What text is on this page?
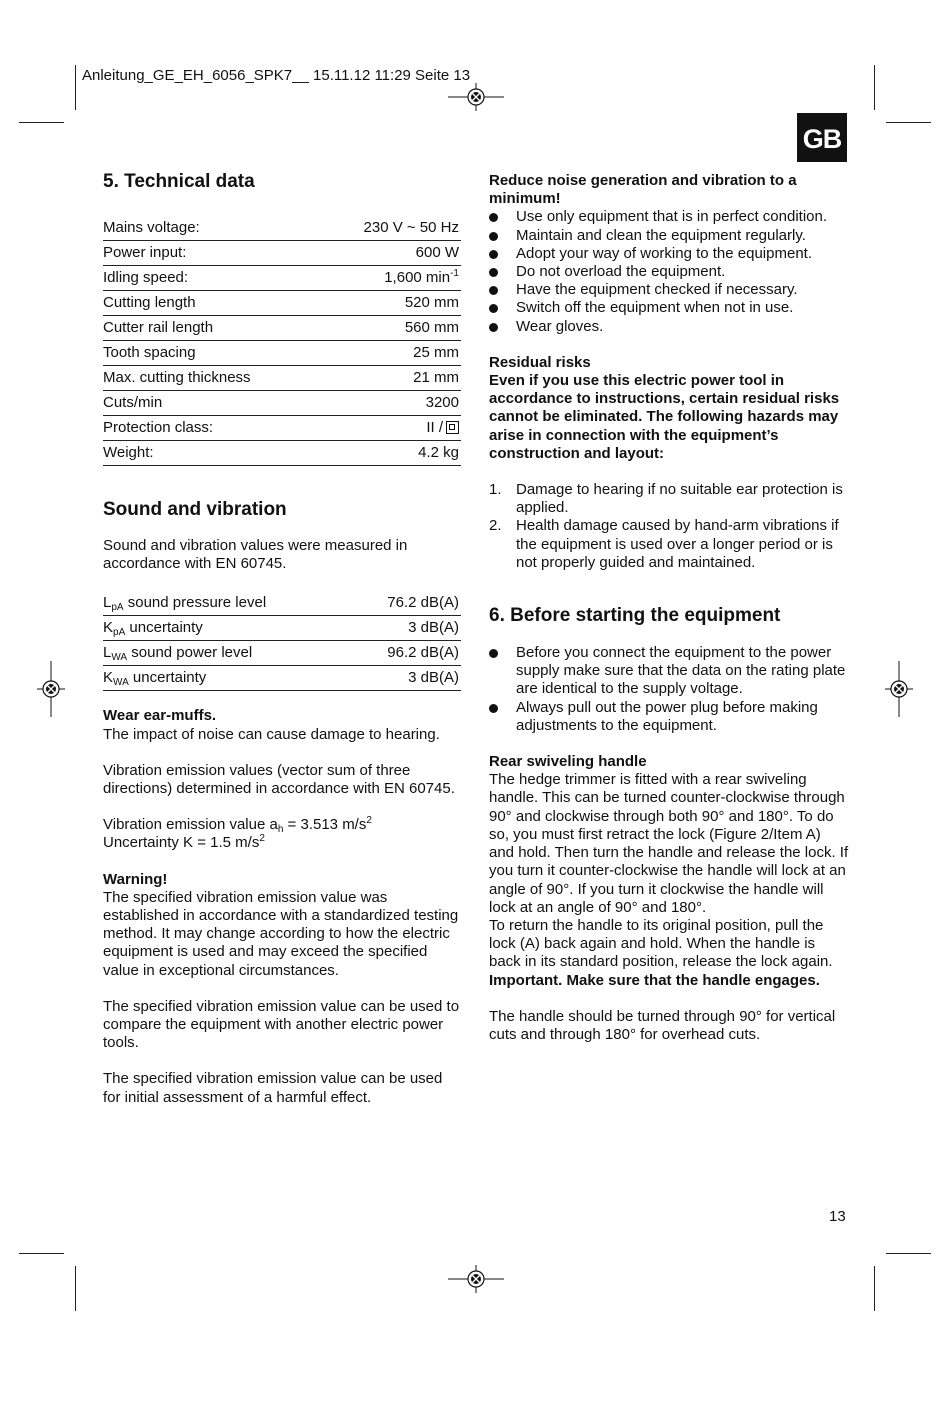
Anleitung_GE_EH_6056_SPK7__ 15.11.12 11:29 Seite 13
GB
5. Technical data
Mains voltage:	230 V ~ 50 Hz
Power input:	600 W
Idling speed:	1,600 $\min^{-1}$
Cutting length	520 mm
Cutter rail length	560 mm
Tooth spacing	25 mm
Max. cutting thickness	21 mm
Cuts/min	3200
Protection class:	II /
Weight:	4.2 kg
Sound and vibration

Sound and vibration values were measured in accordance with EN 60745.

$L_{pA}$ sound pressure level	76.2 dB(A)
$K_{pA}$ uncertainty	3 dB(A)
$L_{WA}$ sound power level	96.2 dB(A)
$K_{WA}$ uncertainty	3 dB(A)

Wear ear-muffs.

The impact of noise can cause damage to hearing.

Vibration emission values (vector sum of three directions) determined in accordance with EN 60745.

Vibration emission value $a_h = 3.513$ $m/s^2$

Uncertainty K = 1.5 $m/s^2$

Warning!

The specified vibration emission value was established in accordance with a standardized testing method. It may change according to how the electric equipment is used and may exceed the specified value in exceptional circumstances.

The specified vibration emission value can be used to compare the equipment with another electric power tools.

The specified vibration emission value can be used for initial assessment of a harmful effect.

Reduce noise generation and vibration to a minimum!

Use only equipment that is in perfect condition.
Maintain and clean the equipment regularly.
Adopt your way of working to the equipment.
Do not overload the equipment.
Have the equipment checked if necessary.
Switch off the equipment when not in use.
Wear gloves.

Residual risks

Even if you use this electric power tool in accordance to instructions, certain residual risks cannot be eliminated. The following hazards may arise in connection with the equipment’s construction and layout:

1. Damage to hearing if no suitable ear protection is applied.
2. Health damage caused by hand-arm vibrations if the equipment is used over a longer period or is not properly guided and maintained.
6. Before starting the equipment
Before you connect the equipment to the power supply make sure that the data on the rating plate are identical to the supply voltage.
Always pull out the power plug before making adjustments to the equipment.

Rear swiveling handle

The hedge trimmer is fitted with a rear swiveling handle. This can be turned counter-clockwise through 90° and clockwise through both 90° and 180°. To do so, you must first retract the lock (Figure 2/Item A) and hold. Then turn the handle and release the lock. If you turn it counter-clockwise the handle will lock at an angle of 90°. If you turn it clockwise the handle will lock at an angle of 90° and 180°.

To return the handle to its original position, pull the lock (A) back again and hold. When the handle is back in its standard position, release the lock again.

Important. Make sure that the handle engages.

The handle should be turned through 90° for vertical cuts and through 180° for overhead cuts.

13
